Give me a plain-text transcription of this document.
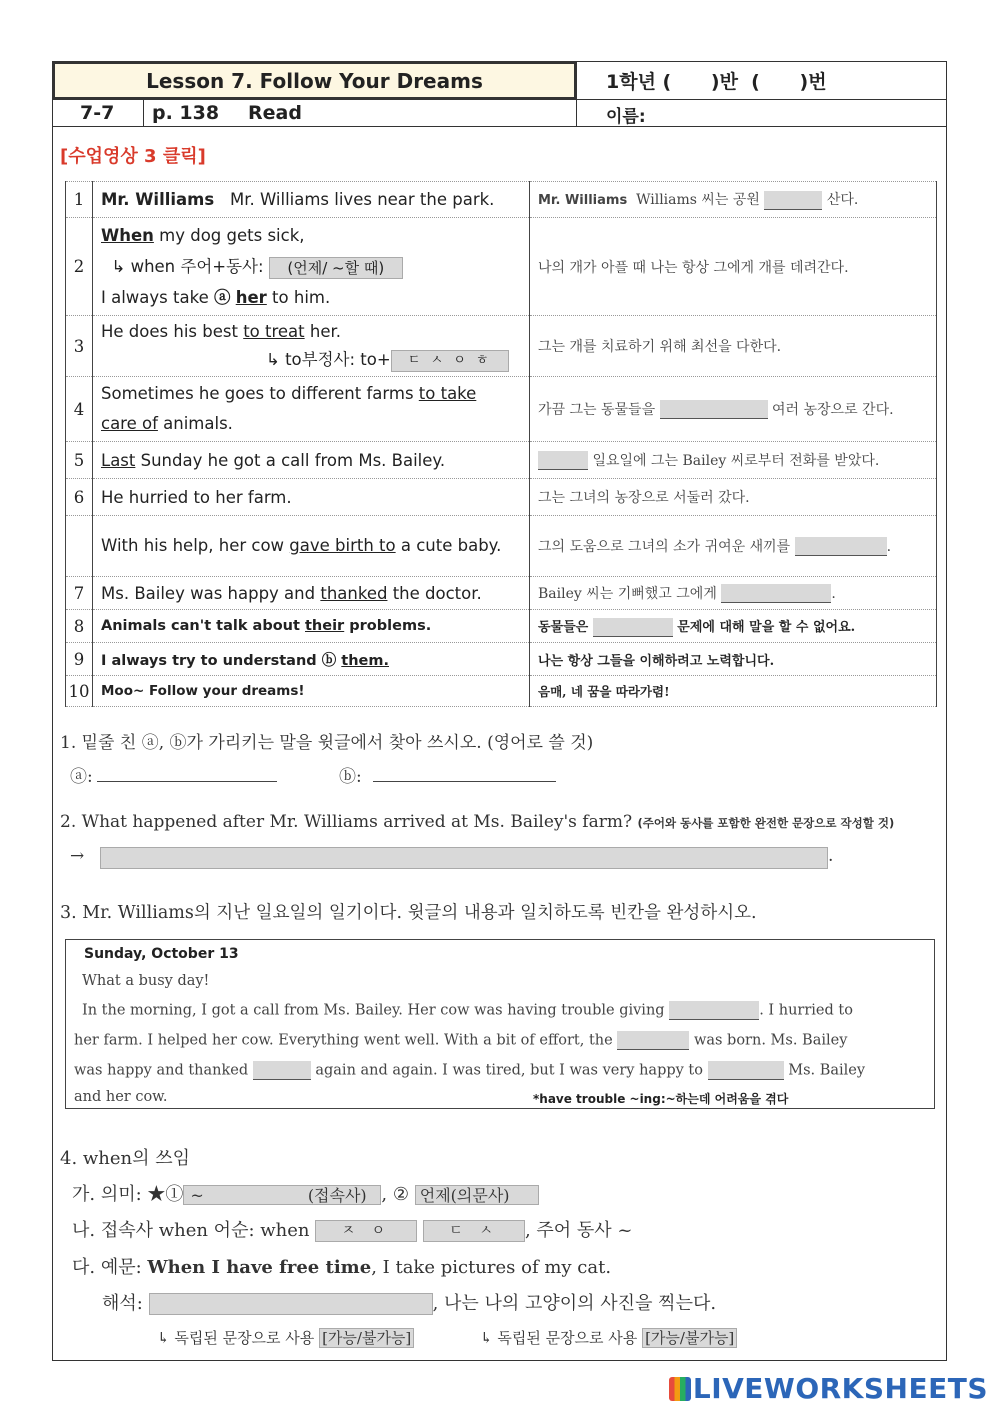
Lesson 7. Follow Your Dreams
7-7 p. 138 Read
1학년 (      )반  (      )번
이름:
[수업영상 3 클릭]
1	Mr. Williams Mr. Williams lives near the park.	Mr. Williams Williams 씨는 공원 산다.
2	When my dog gets sick,
↳ when 주어+동사: (언제/ ~할 때)
I always take ⓐ her to him.	나의 개가 아플 때 나는 항상 그에게 개를 데려간다.
3	He does his best to treat her.
↳ to부정사: to+ ㄷ ㅅ ㅇ ㅎ	그는 개를 치료하기 위해 최선을 다한다.
4	Sometimes he goes to different farms to take
care of animals.	가끔 그는 동물들을 여러 농장으로 간다.
5	Last Sunday he got a call from Ms. Bailey.	일요일에 그는 Bailey 씨로부터 전화를 받았다.
6	He hurried to her farm.	그는 그녀의 농장으로 서둘러 갔다.
	With his help, her cow gave birth to a cute baby.	그의 도움으로 그녀의 소가 귀여운 새끼를 .
7	Ms. Bailey was happy and thanked the doctor.	Bailey 씨는 기뻐했고 그에게 .
8	Animals can't talk about their problems.	동물들은 문제에 대해 말을 할 수 없어요.
9	I always try to understand ⓑ them.	나는 항상 그들을 이해하려고 노력합니다.
10	Moo~ Follow your dreams!	음매, 네 꿈을 따라가렴!
1. 밑줄 친 ⓐ, ⓑ가 가리키는 말을 윗글에서 찾아 쓰시오. (영어로 쓸 것)
ⓐ:	ⓑ:
2. What happened after Mr. Williams arrived at Ms. Bailey's farm? (주어와 동사를 포함한 완전한 문장으로 작성할 것)
→	.
3. Mr. Williams의 지난 일요일의 일기이다. 윗글의 내용과 일치하도록 빈칸을 완성하시오.
Sunday, October 13
What a busy day!
In the morning, I got a call from Ms. Bailey. Her cow was having trouble giving	. I hurried to
her farm. I helped her cow. Everything went well. With a bit of effort, the	was born. Ms. Bailey
was happy and thanked	again and again. I was tired, but I was very happy to	Ms. Bailey
and her cow.	*have trouble ~ing:~하는데 어려움을 겪다
4. when의 쓰임
가. 의미: ★① ~	(접속사) , ② 언제(의문사)
나. 접속사 when 어순: when ㅈ ㅇ	ㄷ ㅅ , 주어 동사 ~
다. 예문: When I have free time, I take pictures of my cat.
해석:	, 나는 나의 고양이의 사진을 찍는다.
↳ 독립된 문장으로 사용 [가능/불가능]	↳ 독립된 문장으로 사용 [가능/불가능]
LIVEWORKSHEETS
